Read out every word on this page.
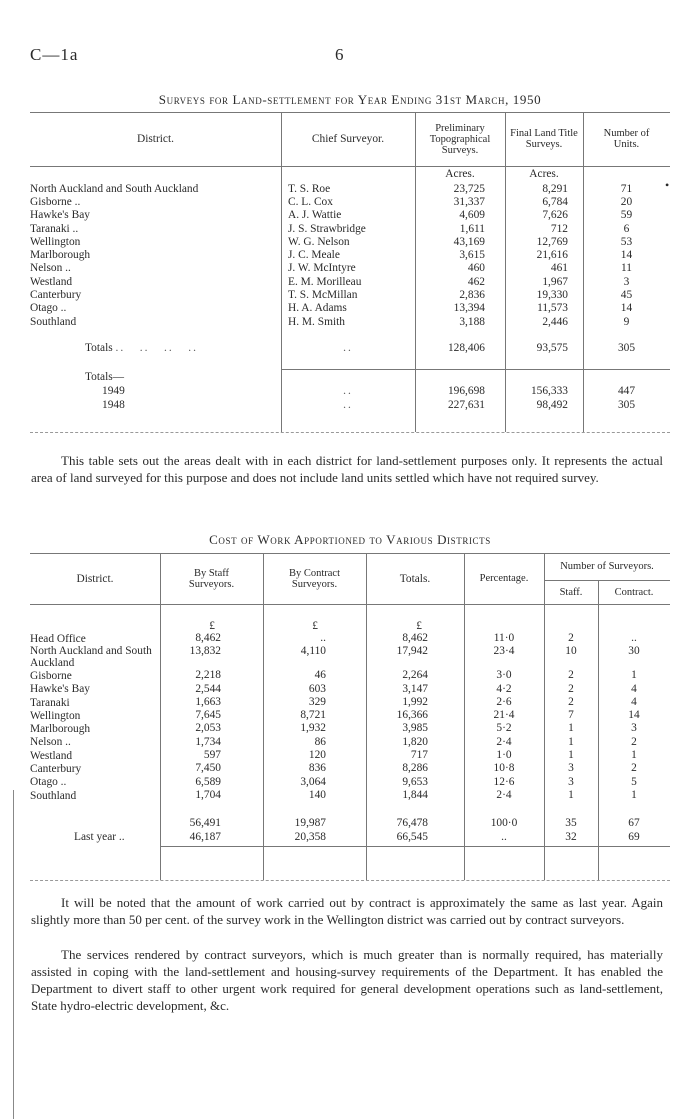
C—1a	6
Surveys for Land-settlement for Year Ending 31st March, 1950
•
District.	Chief Surveyor.	Preliminary Topographical Surveys.	Final Land Title Surveys.	Number of Units.
		Acres.	Acres.	
North Auckland and South Auckland	T. S. Roe	23,725	8,291	71
Gisborne ..	C. L. Cox	31,337	6,784	20
Hawke's Bay	A. J. Wattie	4,609	7,626	59
Taranaki ..	J. S. Strawbridge	1,611	712	6
Wellington	W. G. Nelson	43,169	12,769	53
Marlborough	J. C. Meale	3,615	21,616	14
Nelson ..	J. W. McIntyre	460	461	11
Westland	E. M. Morilleau	462	1,967	3
Canterbury	T. S. McMillan	2,836	19,330	45
Otago ..	H. A. Adams	13,394	11,573	14
Southland	H. M. Smith	3,188	2,446	9

Totals ..   ..   ..   ..	..	128,406	93,575	305

Totals—				
1949	..	196,698	156,333	447
1948	..	227,631	98,492	305

This table sets out the areas dealt with in each district for land-settlement purposes only. It represents the actual area of land surveyed for this purpose and does not include land units settled which have not required survey.
Cost of Work Apportioned to Various Districts
District.	By Staff Surveyors.	By Contract Surveyors.	Totals.	Percentage.	Number of Surveyors.	
					Staff.	Contract.
	£	£	£			
Head Office	8,462	..	8,462	11·0	2	..
North Auckland and South Auckland	13,832	4,110	17,942	23·4	10	30
Gisborne	2,218	46	2,264	3·0	2	1
Hawke's Bay	2,544	603	3,147	4·2	2	4
Taranaki	1,663	329	1,992	2·6	2	4
Wellington	7,645	8,721	16,366	21·4	7	14
Marlborough	2,053	1,932	3,985	5·2	1	3
Nelson ..	1,734	86	1,820	2·4	1	2
Westland	597	120	717	1·0	1	1
Canterbury	7,450	836	8,286	10·8	3	2
Otago ..	6,589	3,064	9,653	12·6	3	5
Southland	1,704	140	1,844	2·4	1	1

	56,491	19,987	76,478	100·0	35	67
Last year ..	46,187	20,358	66,545	..	32	69
It will be noted that the amount of work carried out by contract is approximately the same as last year. Again slightly more than 50 per cent. of the survey work in the Wellington district was carried out by contract surveyors.
The services rendered by contract surveyors, which is much greater than is normally required, has materially assisted in coping with the land-settlement and housing-survey requirements of the Department. It has enabled the Department to divert staff to other urgent work required for general development operations such as land-settlement, State hydro-electric development, &c.
